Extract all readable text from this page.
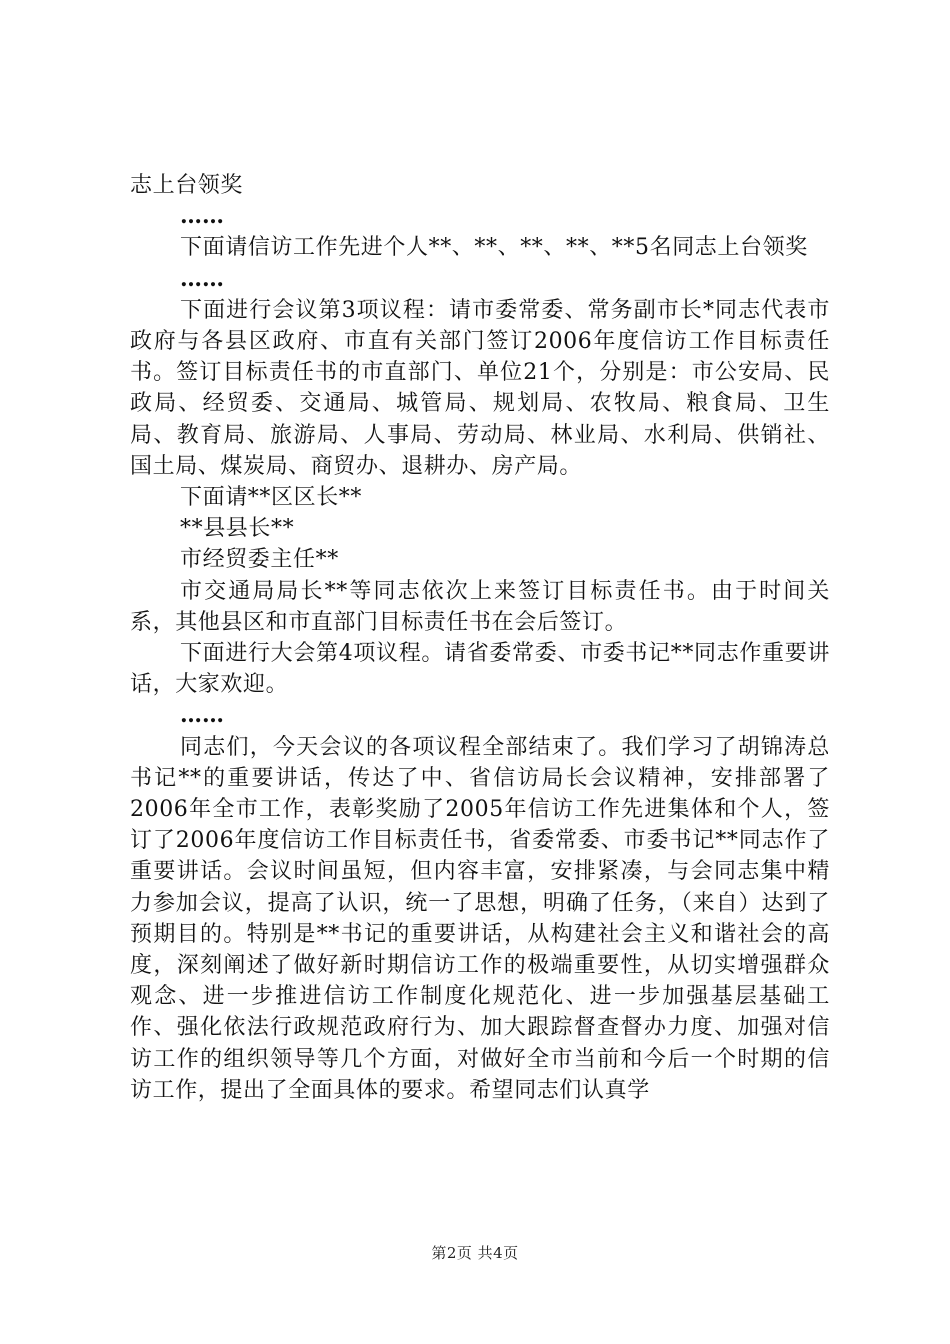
志上台领奖

……

下面请信访工作先进个人**、**、**、**、**5名同志上台领奖

……

下面进行会议第3项议程：请市委常委、常务副市长*同志代表市政府与各县区政府、市直有关部门签订2006年度信访工作目标责任书。签订目标责任书的市直部门、单位21个，分别是：市公安局、民政局、经贸委、交通局、城管局、规划局、农牧局、粮食局、卫生局、教育局、旅游局、人事局、劳动局、林业局、水利局、供销社、国土局、煤炭局、商贸办、退耕办、房产局。

下面请**区区长**

**县县长**

市经贸委主任**

市交通局局长**等同志依次上来签订目标责任书。由于时间关系，其他县区和市直部门目标责任书在会后签订。

下面进行大会第4项议程。请省委常委、市委书记**同志作重要讲话，大家欢迎。

……

同志们，今天会议的各项议程全部结束了。我们学习了胡锦涛总书记**的重要讲话，传达了中、省信访局长会议精神，安排部署了2006年全市工作，表彰奖励了2005年信访工作先进集体和个人，签订了2006年度信访工作目标责任书，省委常委、市委书记**同志作了重要讲话。会议时间虽短，但内容丰富，安排紧凑，与会同志集中精力参加会议，提高了认识，统一了思想，明确了任务，（来自）达到了预期目的。特别是**书记的重要讲话，从构建社会主义和谐社会的高度，深刻阐述了做好新时期信访工作的极端重要性，从切实增强群众观念、进一步推进信访工作制度化规范化、进一步加强基层基础工作、强化依法行政规范政府行为、加大跟踪督查督办力度、加强对信访工作的组织领导等几个方面，对做好全市当前和今后一个时期的信访工作，提出了全面具体的要求。希望同志们认真学

第2页 共4页
